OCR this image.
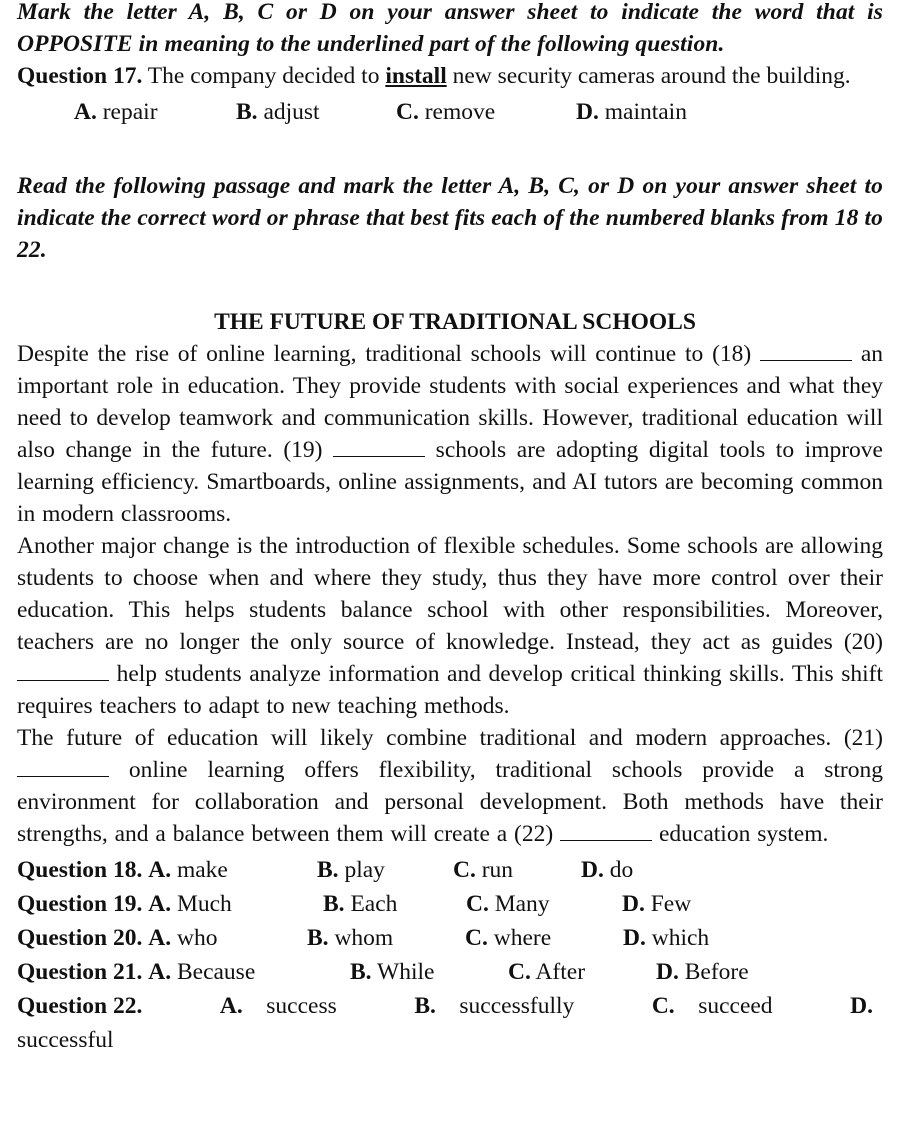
Mark the letter A, B, C or D on your answer sheet to indicate the word that is OPPOSITE in meaning to the underlined part of the following question.

Question 17. The company decided to install new security cameras around the building.

A. repair	B. adjust	C. remove	D. maintain

Read the following passage and mark the letter A, B, C, or D on your answer sheet to indicate the correct word or phrase that best fits each of the numbered blanks from 18 to 22.

THE FUTURE OF TRADITIONAL SCHOOLS

Despite the rise of online learning, traditional schools will continue to (18)	an important role in education. They provide students with social experiences and what they need to develop teamwork and communication skills. However, traditional education will also change in the future. (19)	schools are adopting digital tools to improve learning efficiency. Smartboards, online assignments, and AI tutors are becoming common in modern classrooms.

Another major change is the introduction of flexible schedules. Some schools are allowing students to choose when and where they study, thus they have more control over their education. This helps students balance school with other responsibilities. Moreover, teachers are no longer the only source of knowledge. Instead, they act as guides (20)  help students analyze information and develop critical thinking skills. This shift requires teachers to adapt to new teaching methods.

The future of education will likely combine traditional and modern approaches. (21)  online learning offers flexibility, traditional schools provide a strong environment for collaboration and personal development. Both methods have their strengths, and a balance between them will create a (22)	education system.

Question 18. A. make	B. play	C. run	D. do
Question 19. A. Much	B. Each	C. Many	D. Few
Question 20. A. who	B. whom	C. where	D. which
Question 21. A. Because	B. While	C. After	D. Before
Question 22.	A. success	B. successfully	C. succeed	D.
successful
